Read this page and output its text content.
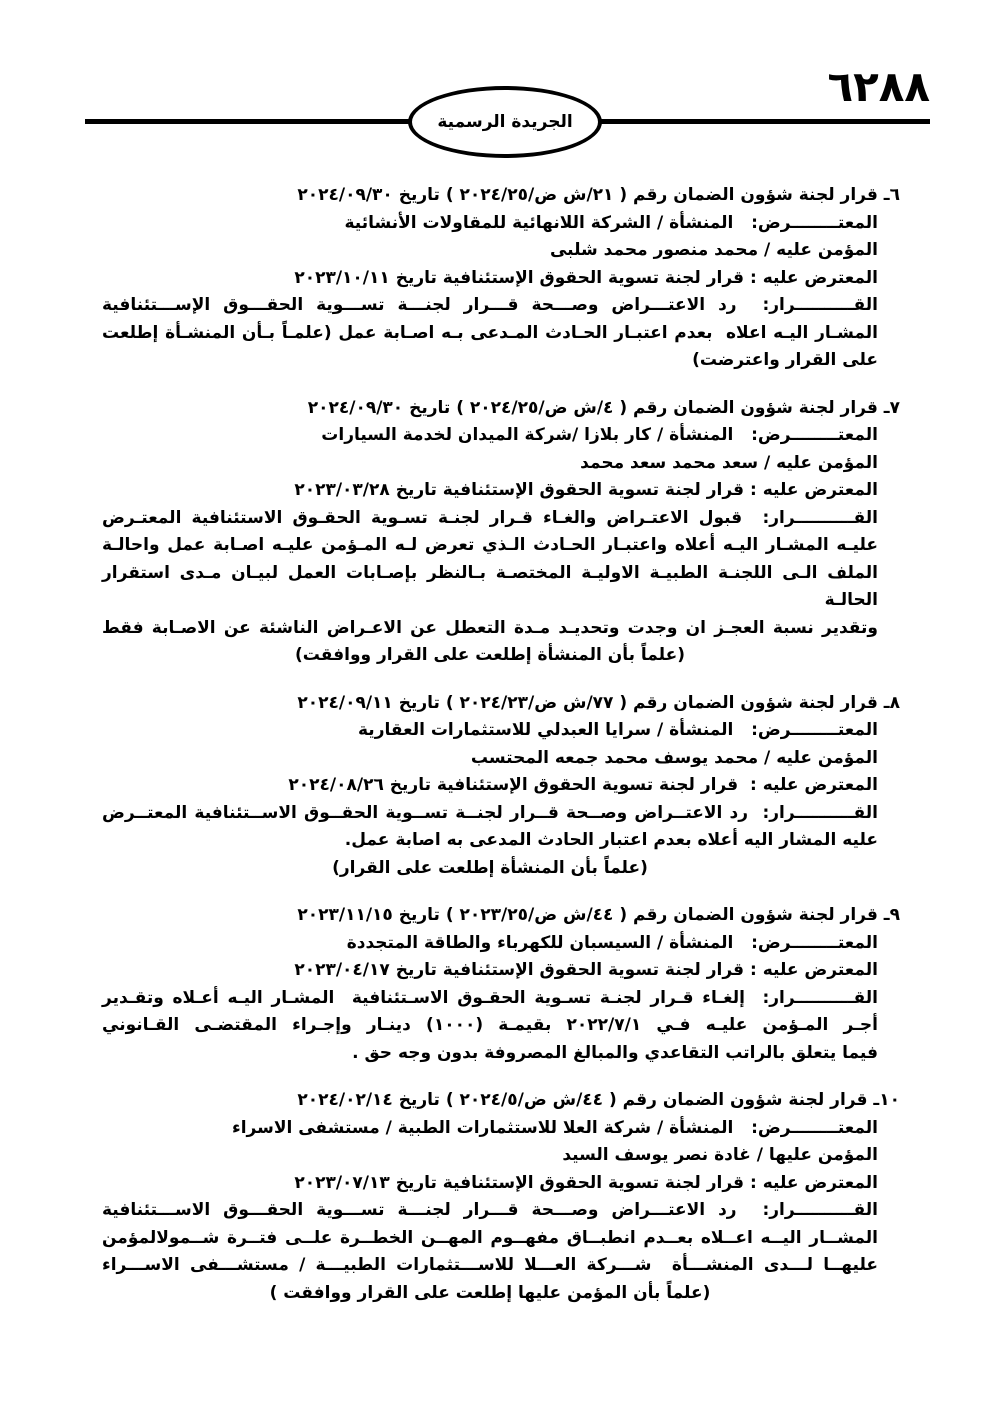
٦٢٨٨
الجريدة الرسمية
٦ـ قرار لجنة شؤون الضمان رقم ( ٢١/ش ض/٢٠٢٤/٢٥ ) تاريخ ٢٠٢٤/٠٩/٣٠
المعتــــــــرض:   المنشأة / الشركة اللانهائية للمقاولات الأنشائية
المؤمن عليه / محمد منصور محمد شلبى
المعترض عليه : قرار لجنة تسوية الحقوق الإستئنافية تاريخ ٢٠٢٣/١٠/١١
القــــــــــرار:  رد الاعتـــراض وصـــحة قـــرار لجنـــة تســـوية الحقـــوق الإســـتئنافية
المشـار اليـه اعلاه  بعدم اعتبـار الحـادث المـدعى بـه اصـابة عمل (علمـاً بـأن المنشـأة إطلعت
على القرار واعترضت)
٧ـ قرار لجنة شؤون الضمان رقم ( ٤/ش ض/٢٠٢٤/٢٥ ) تاريخ ٢٠٢٤/٠٩/٣٠
المعتــــــــرض:   المنشأة / كار بلازا /شركة الميدان لخدمة السيارات
المؤمن عليه / سعد محمد سعد محمد
المعترض عليه : قرار لجنة تسوية الحقوق الإستئنافية تاريخ ٢٠٢٣/٠٣/٢٨
القــــــــــرار:  قبول الاعتـراض والغـاء قـرار لجنـة تسـوية الحقـوق الاستئنافية المعتـرض
عليـه المشـار اليـه أعلاه واعتبـار الحـادث الـذي تعرض لـه المـؤمن عليـه اصـابة عمل واحالـة
الملف الـى اللجنـة الطبيـة الاوليـة المختصـة بـالنظر بإصـابات العمل لبيـان مـدى استقرار الحالـة
وتقدير نسبة العجـز ان وجدت وتحديـد مـدة التعطل عن الاعـراض الناشئة عن الاصـابة فقط
(علماً بأن المنشأة إطلعت على القرار ووافقت)
٨ـ قرار لجنة شؤون الضمان رقم ( ٧٧/ش ض/٢٠٢٤/٢٣ ) تاريخ ٢٠٢٤/٠٩/١١
المعتــــــــرض:   المنشأة / سرايا العبدلي للاستثمارات العقارية
المؤمن عليه / محمد يوسف محمد جمعه المحتسب
المعترض عليه :  قرار لجنة تسوية الحقوق الإستئنافية تاريخ ٢٠٢٤/٠٨/٢٦
القــــــــــرار:  رد الاعتــراض وصــحة قــرار لجنــة تســوية الحقــوق الاســتئنافية المعتــرض
عليه المشار اليه أعلاه بعدم اعتبار الحادث المدعى به اصابة عمل.
(علماً بأن المنشأة إطلعت على القرار)
٩ـ قرار لجنة شؤون الضمان رقم ( ٤٤/ش ض/٢٠٢٣/٢٥ ) تاريخ ٢٠٢٣/١١/١٥
المعتــــــــرض:   المنشأة / السيسبان للكهرباء والطاقة المتجددة
المعترض عليه : قرار لجنة تسوية الحقوق الإستئنافية تاريخ ٢٠٢٣/٠٤/١٧
القــــــــــرار:  إلغـاء قـرار لجنـة تسـوية الحقـوق الاسـتئنافية  المشـار اليـه أعـلاه وتقـدير
أجـر المـؤمن عليـه فـي ٢٠٢٢/٧/١ بقيمـة (١٠٠٠) دينـار وإجـراء المقتضـى القـانوني
فيما يتعلق بالراتب التقاعدي والمبالغ المصروفة بدون وجه حق .
١٠ـ قرار لجنة شؤون الضمان رقم ( ٤٤/ش ض/٢٠٢٤/٥ ) تاريخ ٢٠٢٤/٠٢/١٤
المعتــــــــرض:   المنشأة / شركة العلا للاستثمارات الطبية / مستشفى الاسراء
المؤمن عليها / غادة نصر يوسف السيد
المعترض عليه : قرار لجنة تسوية الحقوق الإستئنافية تاريخ ٢٠٢٣/٠٧/١٣
القــــــــــرار:  رد الاعتـــراض وصـــحة قـــرار لجنـــة تســـوية الحقـــوق الاســـتئنافية
المشــار اليــه اعــلاه بعــدم انطبــاق مفهــوم المهــن الخطــرة علــى فتــرة شــمولالمؤمن
عليهــا لـــدى المنشـــأة  شـــركة العـــلا للاســـتثمارات الطبيـــة / مستشـــفى الاســـراء
(علماً بأن المؤمن عليها إطلعت على القرار ووافقت )
